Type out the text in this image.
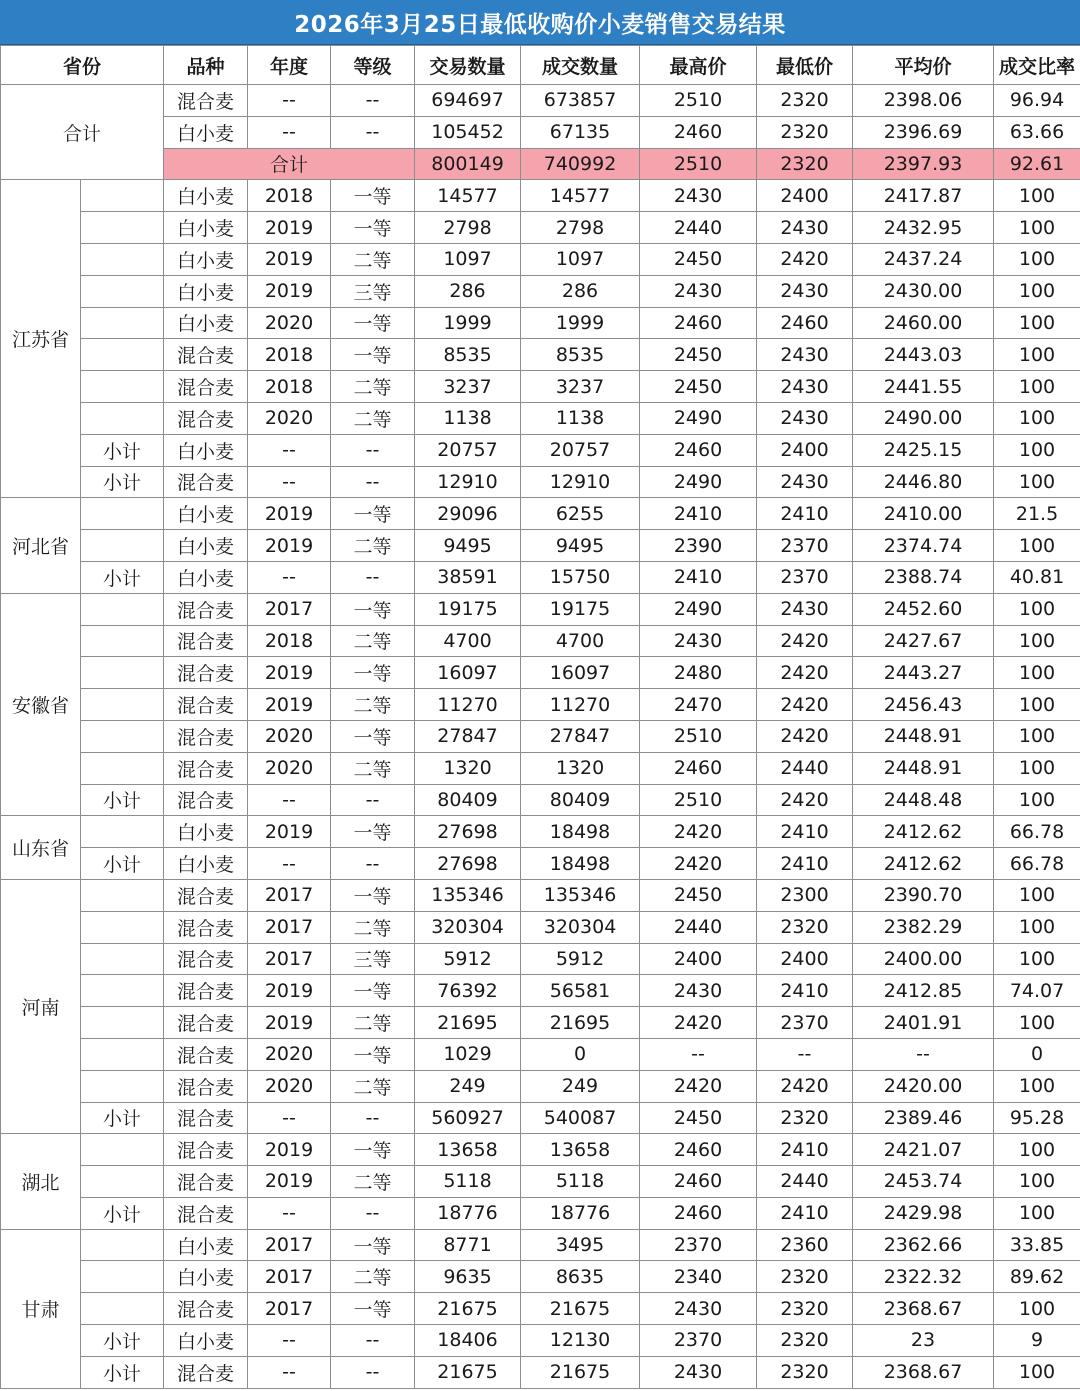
2026年3月25日最低收购价小麦销售交易结果
省份		品种	年度	等级	交易数量	成交数量	最高价	最低价	平均价	成交比率
合计		混合麦	--	--	694697	673857	2510	2320	2398.06	96.94
		白小麦	--	--	105452	67135	2460	2320	2396.69	63.66
		合计			800149	740992	2510	2320	2397.93	92.61
江苏省		白小麦	2018	一等	14577	14577	2430	2400	2417.87	100
		白小麦	2019	一等	2798	2798	2440	2430	2432.95	100
		白小麦	2019	二等	1097	1097	2450	2420	2437.24	100
		白小麦	2019	三等	286	286	2430	2430	2430.00	100
		白小麦	2020	一等	1999	1999	2460	2460	2460.00	100
		混合麦	2018	一等	8535	8535	2450	2430	2443.03	100
		混合麦	2018	二等	3237	3237	2450	2430	2441.55	100
		混合麦	2020	二等	1138	1138	2490	2430	2490.00	100
	小计	白小麦	--	--	20757	20757	2460	2400	2425.15	100
	小计	混合麦	--	--	12910	12910	2490	2430	2446.80	100
河北省		白小麦	2019	一等	29096	6255	2410	2410	2410.00	21.5
		白小麦	2019	二等	9495	9495	2390	2370	2374.74	100
	小计	白小麦	--	--	38591	15750	2410	2370	2388.74	40.81
安徽省		混合麦	2017	一等	19175	19175	2490	2430	2452.60	100
		混合麦	2018	二等	4700	4700	2430	2420	2427.67	100
		混合麦	2019	一等	16097	16097	2480	2420	2443.27	100
		混合麦	2019	二等	11270	11270	2470	2420	2456.43	100
		混合麦	2020	一等	27847	27847	2510	2420	2448.91	100
		混合麦	2020	二等	1320	1320	2460	2440	2448.91	100
	小计	混合麦	--	--	80409	80409	2510	2420	2448.48	100
山东省		白小麦	2019	一等	27698	18498	2420	2410	2412.62	66.78
	小计	白小麦	--	--	27698	18498	2420	2410	2412.62	66.78
河南		混合麦	2017	一等	135346	135346	2450	2300	2390.70	100
		混合麦	2017	二等	320304	320304	2440	2320	2382.29	100
		混合麦	2017	三等	5912	5912	2400	2400	2400.00	100
		混合麦	2019	一等	76392	56581	2430	2410	2412.85	74.07
		混合麦	2019	二等	21695	21695	2420	2370	2401.91	100
		混合麦	2020	一等	1029	0	--	--	--	0
		混合麦	2020	二等	249	249	2420	2420	2420.00	100
	小计	混合麦	--	--	560927	540087	2450	2320	2389.46	95.28
湖北		混合麦	2019	一等	13658	13658	2460	2410	2421.07	100
		混合麦	2019	二等	5118	5118	2460	2440	2453.74	100
	小计	混合麦	--	--	18776	18776	2460	2410	2429.98	100
甘肃		白小麦	2017	一等	8771	3495	2370	2360	2362.66	33.85
		白小麦	2017	二等	9635	8635	2340	2320	2322.32	89.62
		混合麦	2017	一等	21675	21675	2430	2320	2368.67	100
	小计	白小麦	--	--	18406	12130	2370	2320	23	9
	小计	混合麦	--	--	21675	21675	2430	2320	2368.67	100
